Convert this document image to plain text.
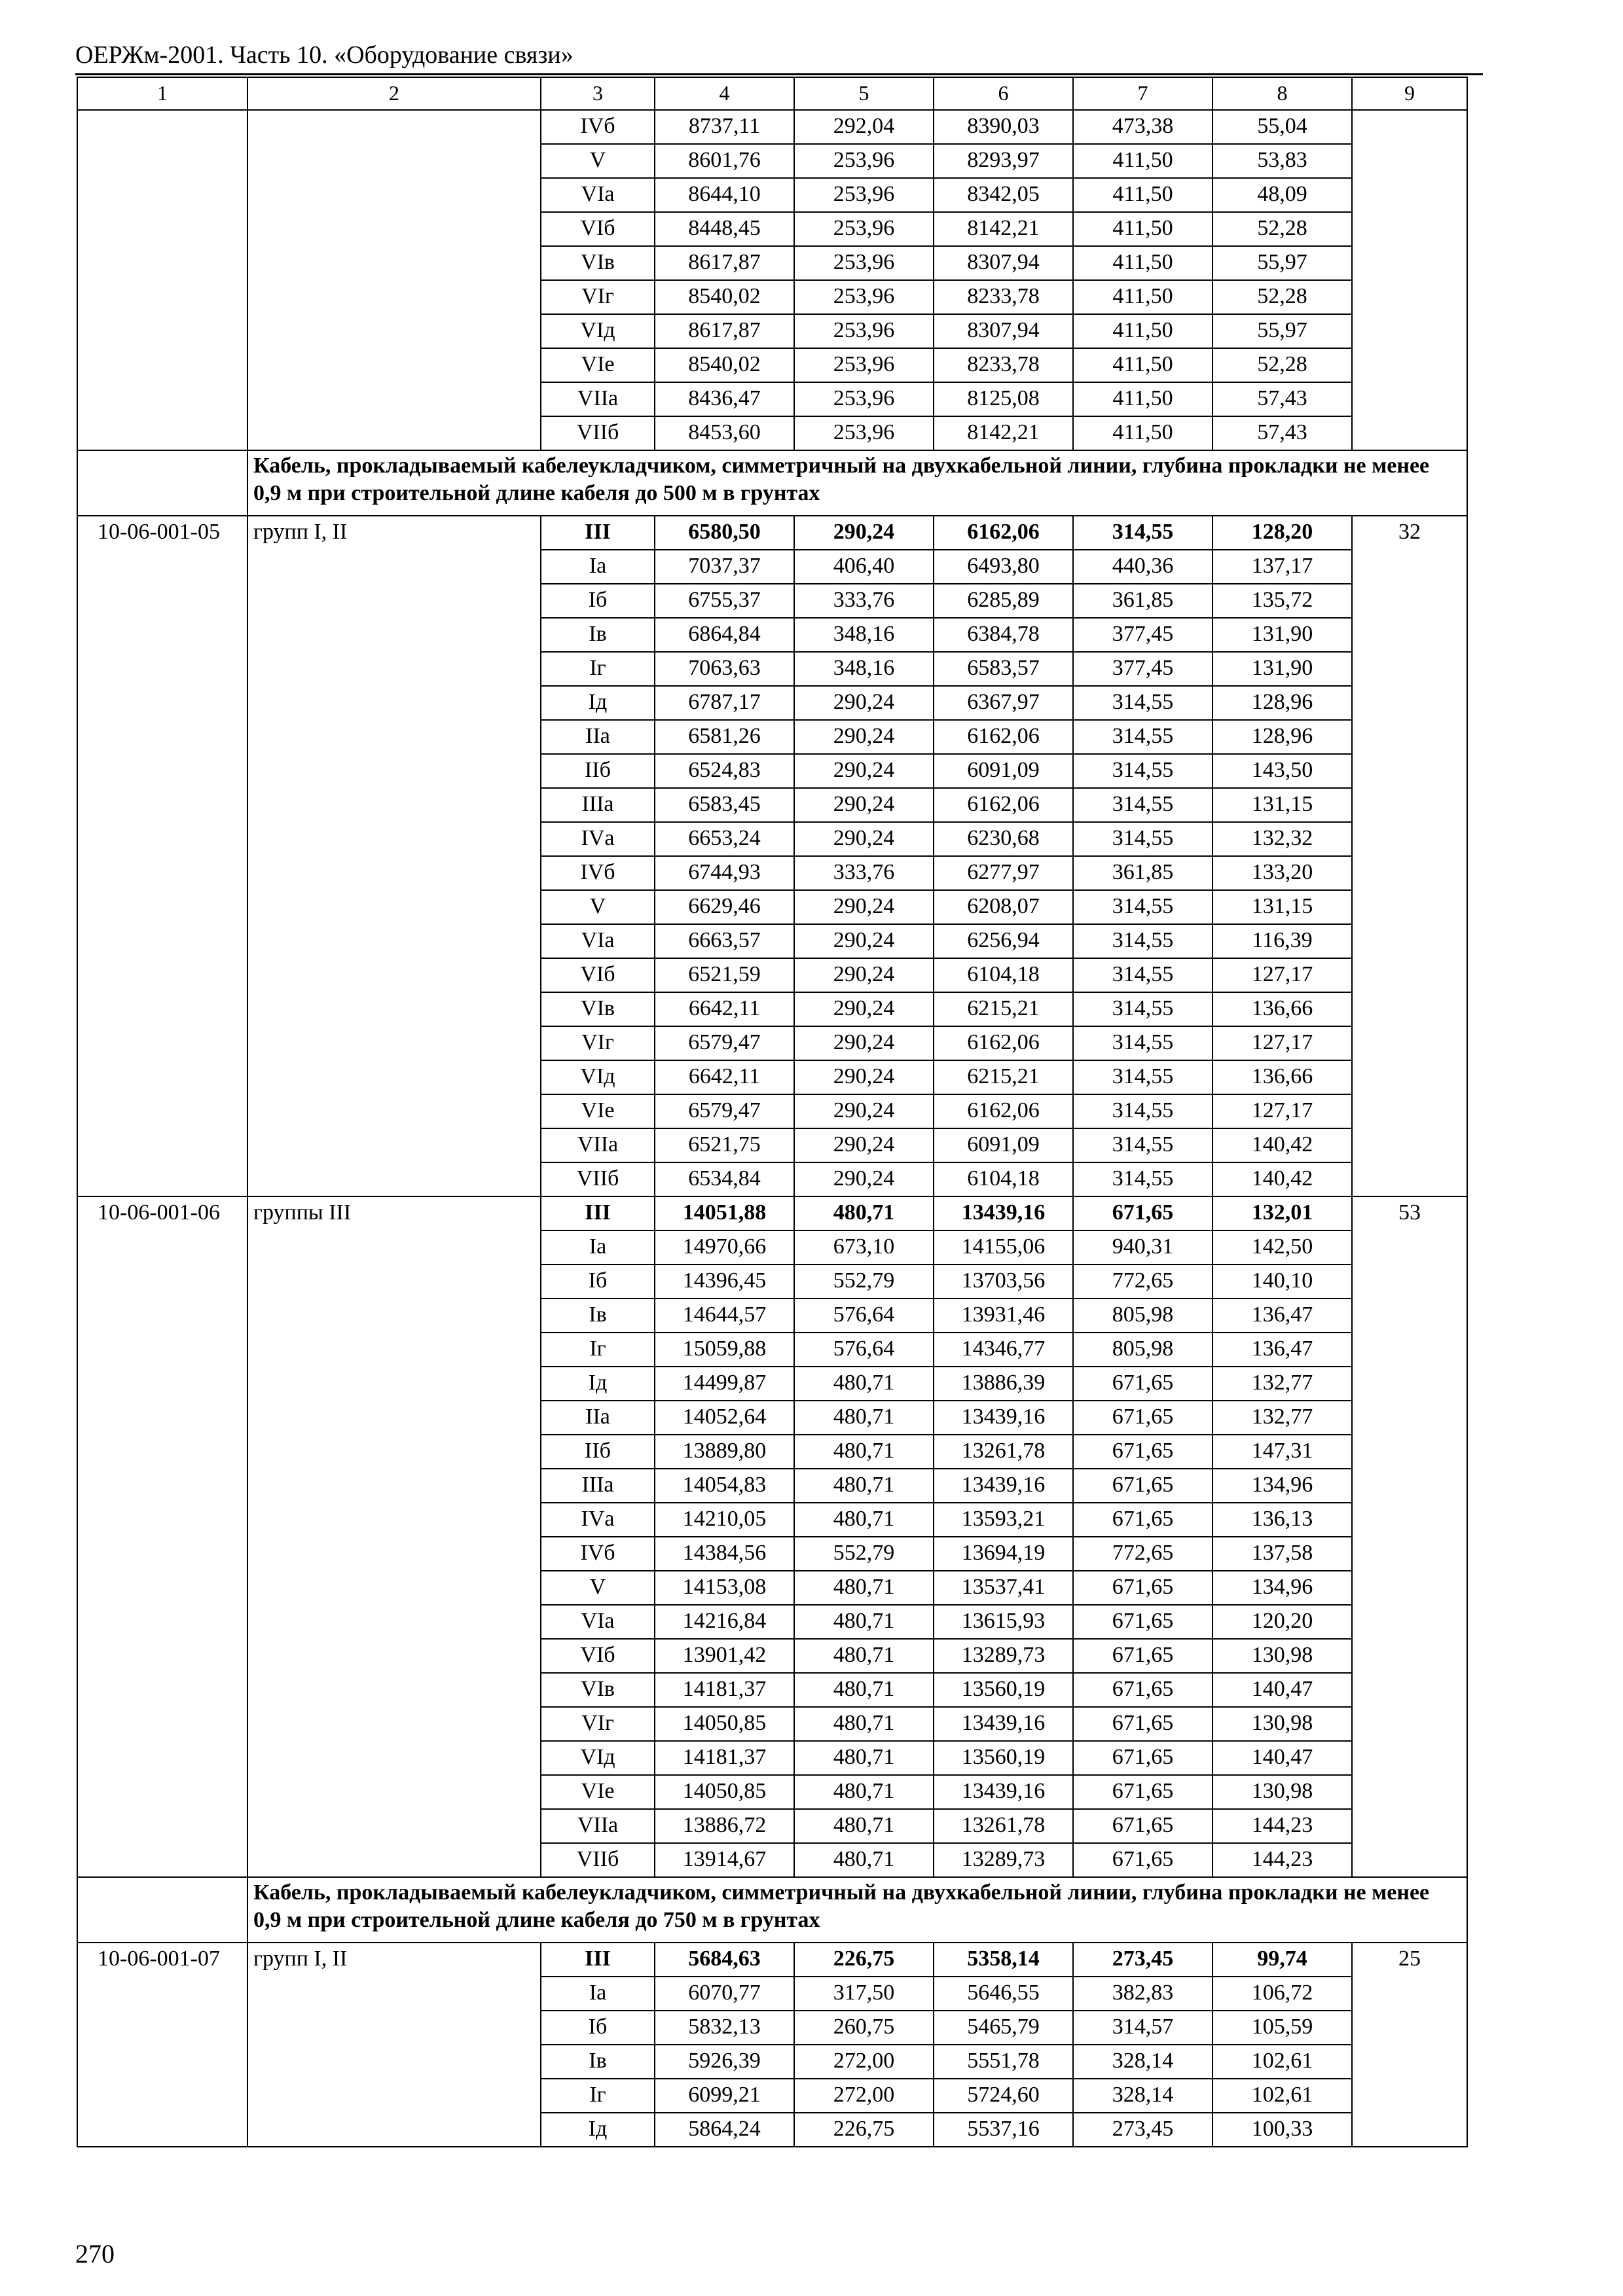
ОЕРЖм-2001. Часть 10. «Оборудование связи»
1	2	3	4	5	6	7	8	9
		IVб	8737,11	292,04	8390,03	473,38	55,04	
		V	8601,76	253,96	8293,97	411,50	53,83	
		VIа	8644,10	253,96	8342,05	411,50	48,09	
		VIб	8448,45	253,96	8142,21	411,50	52,28	
		VIв	8617,87	253,96	8307,94	411,50	55,97	
		VIг	8540,02	253,96	8233,78	411,50	52,28	
		VIд	8617,87	253,96	8307,94	411,50	55,97	
		VIе	8540,02	253,96	8233,78	411,50	52,28	
		VIIа	8436,47	253,96	8125,08	411,50	57,43	
		VIIб	8453,60	253,96	8142,21	411,50	57,43	
	Кабель, прокладываемый кабелеукладчиком, симметричный на двухкабельной линии, глубина прокладки не менее 0,9 м при строительной длине кабеля до 500 м в грунтах							
10-06-001-05	групп I, II	III	6580,50	290,24	6162,06	314,55	128,20	32
		Iа	7037,37	406,40	6493,80	440,36	137,17	
		Iб	6755,37	333,76	6285,89	361,85	135,72	
		Iв	6864,84	348,16	6384,78	377,45	131,90	
		Iг	7063,63	348,16	6583,57	377,45	131,90	
		Iд	6787,17	290,24	6367,97	314,55	128,96	
		IIа	6581,26	290,24	6162,06	314,55	128,96	
		IIб	6524,83	290,24	6091,09	314,55	143,50	
		IIIа	6583,45	290,24	6162,06	314,55	131,15	
		IVа	6653,24	290,24	6230,68	314,55	132,32	
		IVб	6744,93	333,76	6277,97	361,85	133,20	
		V	6629,46	290,24	6208,07	314,55	131,15	
		VIа	6663,57	290,24	6256,94	314,55	116,39	
		VIб	6521,59	290,24	6104,18	314,55	127,17	
		VIв	6642,11	290,24	6215,21	314,55	136,66	
		VIг	6579,47	290,24	6162,06	314,55	127,17	
		VIд	6642,11	290,24	6215,21	314,55	136,66	
		VIе	6579,47	290,24	6162,06	314,55	127,17	
		VIIа	6521,75	290,24	6091,09	314,55	140,42	
		VIIб	6534,84	290,24	6104,18	314,55	140,42	
10-06-001-06	группы III	III	14051,88	480,71	13439,16	671,65	132,01	53
		Iа	14970,66	673,10	14155,06	940,31	142,50	
		Iб	14396,45	552,79	13703,56	772,65	140,10	
		Iв	14644,57	576,64	13931,46	805,98	136,47	
		Iг	15059,88	576,64	14346,77	805,98	136,47	
		Iд	14499,87	480,71	13886,39	671,65	132,77	
		IIа	14052,64	480,71	13439,16	671,65	132,77	
		IIб	13889,80	480,71	13261,78	671,65	147,31	
		IIIа	14054,83	480,71	13439,16	671,65	134,96	
		IVа	14210,05	480,71	13593,21	671,65	136,13	
		IVб	14384,56	552,79	13694,19	772,65	137,58	
		V	14153,08	480,71	13537,41	671,65	134,96	
		VIа	14216,84	480,71	13615,93	671,65	120,20	
		VIб	13901,42	480,71	13289,73	671,65	130,98	
		VIв	14181,37	480,71	13560,19	671,65	140,47	
		VIг	14050,85	480,71	13439,16	671,65	130,98	
		VIд	14181,37	480,71	13560,19	671,65	140,47	
		VIе	14050,85	480,71	13439,16	671,65	130,98	
		VIIа	13886,72	480,71	13261,78	671,65	144,23	
		VIIб	13914,67	480,71	13289,73	671,65	144,23	
	Кабель, прокладываемый кабелеукладчиком, симметричный на двухкабельной линии, глубина прокладки не менее 0,9 м при строительной длине кабеля до 750 м в грунтах							
10-06-001-07	групп I, II	III	5684,63	226,75	5358,14	273,45	99,74	25
		Iа	6070,77	317,50	5646,55	382,83	106,72	
		Iб	5832,13	260,75	5465,79	314,57	105,59	
		Iв	5926,39	272,00	5551,78	328,14	102,61	
		Iг	6099,21	272,00	5724,60	328,14	102,61	
		Iд	5864,24	226,75	5537,16	273,45	100,33	
270
